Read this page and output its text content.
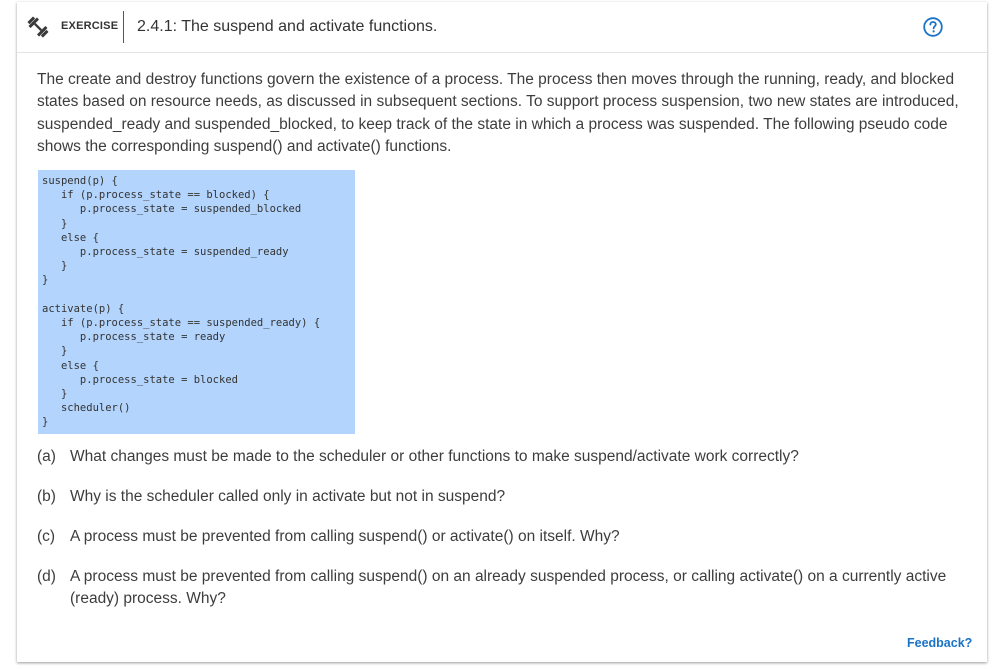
EXERCISE 2.4.1: The suspend and activate functions.
The create and destroy functions govern the existence of a process. The process then moves through the running, ready, and blocked states based on resource needs, as discussed in subsequent sections. To support process suspension, two new states are introduced, suspended_ready and suspended_blocked, to keep track of the state in which a process was suspended. The following pseudo code shows the corresponding suspend() and activate() functions.
suspend(p) {
if (p.process_state == blocked) {
p.process_state = suspended_blocked
}
else {
p.process_state = suspended_ready
}
}

activate(p) {
if (p.process_state == suspended_ready) {
p.process_state = ready
}
else {
p.process_state = blocked
}
scheduler()
}
(a) What changes must be made to the scheduler or other functions to make suspend/activate work correctly?
(b) Why is the scheduler called only in activate but not in suspend?
(c) A process must be prevented from calling suspend() or activate() on itself. Why?
(d) A process must be prevented from calling suspend() on an already suspended process, or calling activate() on a currently active (ready) process. Why?
Feedback?
